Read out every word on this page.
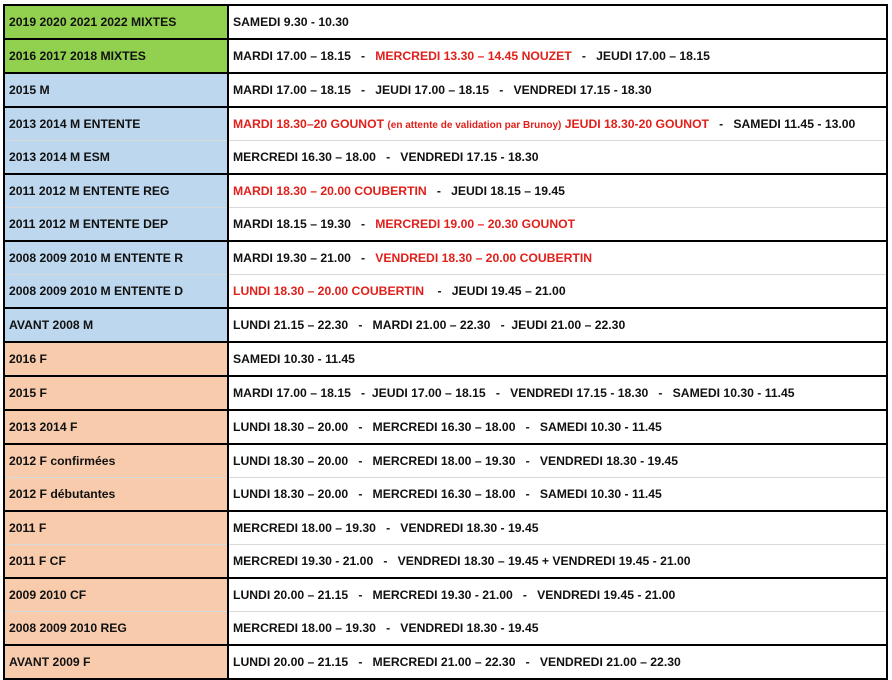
2019 2020 2021 2022 MIXTES	SAMEDI 9.30 - 10.30
2016 2017 2018 MIXTES	MARDI 17.00 – 18.15   -   MERCREDI 13.30 – 14.45 NOUZET   -   JEUDI 17.00 – 18.15
2015 M	MARDI 17.00 – 18.15   -   JEUDI 17.00 – 18.15   -   VENDREDI 17.15 - 18.30
2013 2014 M ENTENTE	MARDI 18.30–20 GOUNOT (en attente de validation par Brunoy) JEUDI 18.30-20 GOUNOT   -   SAMEDI 11.45 - 13.00
2013 2014 M ESM	MERCREDI 16.30 – 18.00   -   VENDREDI 17.15 - 18.30
2011 2012 M ENTENTE REG	MARDI 18.30 – 20.00 COUBERTIN   -   JEUDI 18.15 – 19.45
2011 2012 M ENTENTE DEP	MARDI 18.15 – 19.30   -   MERCREDI 19.00 – 20.30 GOUNOT
2008 2009 2010 M ENTENTE R	MARDI 19.30 – 21.00   -   VENDREDI 18.30 – 20.00 COUBERTIN
2008 2009 2010 M ENTENTE D	LUNDI 18.30 – 20.00 COUBERTIN    -   JEUDI 19.45 – 21.00
AVANT 2008 M	LUNDI 21.15 – 22.30   -   MARDI 21.00 – 22.30   -  JEUDI 21.00 – 22.30
2016 F	SAMEDI 10.30 - 11.45
2015 F	MARDI 17.00 – 18.15   -  JEUDI 17.00 – 18.15   -   VENDREDI 17.15 - 18.30   -   SAMEDI 10.30 - 11.45
2013 2014 F	LUNDI 18.30 – 20.00   -   MERCREDI 16.30 – 18.00   -   SAMEDI 10.30 - 11.45
2012 F confirmées	LUNDI 18.30 – 20.00   -   MERCREDI 18.00 – 19.30   -   VENDREDI 18.30 - 19.45
2012 F débutantes	LUNDI 18.30 – 20.00   -   MERCREDI 16.30 – 18.00   -   SAMEDI 10.30 - 11.45
2011 F	MERCREDI 18.00 – 19.30   -   VENDREDI 18.30 - 19.45
2011 F CF	MERCREDI 19.30 - 21.00   -   VENDREDI 18.30 – 19.45 + VENDREDI 19.45 - 21.00
2009 2010 CF	LUNDI 20.00 – 21.15   -   MERCREDI 19.30 - 21.00   -   VENDREDI 19.45 - 21.00
2008 2009 2010 REG	MERCREDI 18.00 – 19.30   -   VENDREDI 18.30 - 19.45
AVANT 2009 F	LUNDI 20.00 – 21.15   -   MERCREDI 21.00 – 22.30   -   VENDREDI 21.00 – 22.30
